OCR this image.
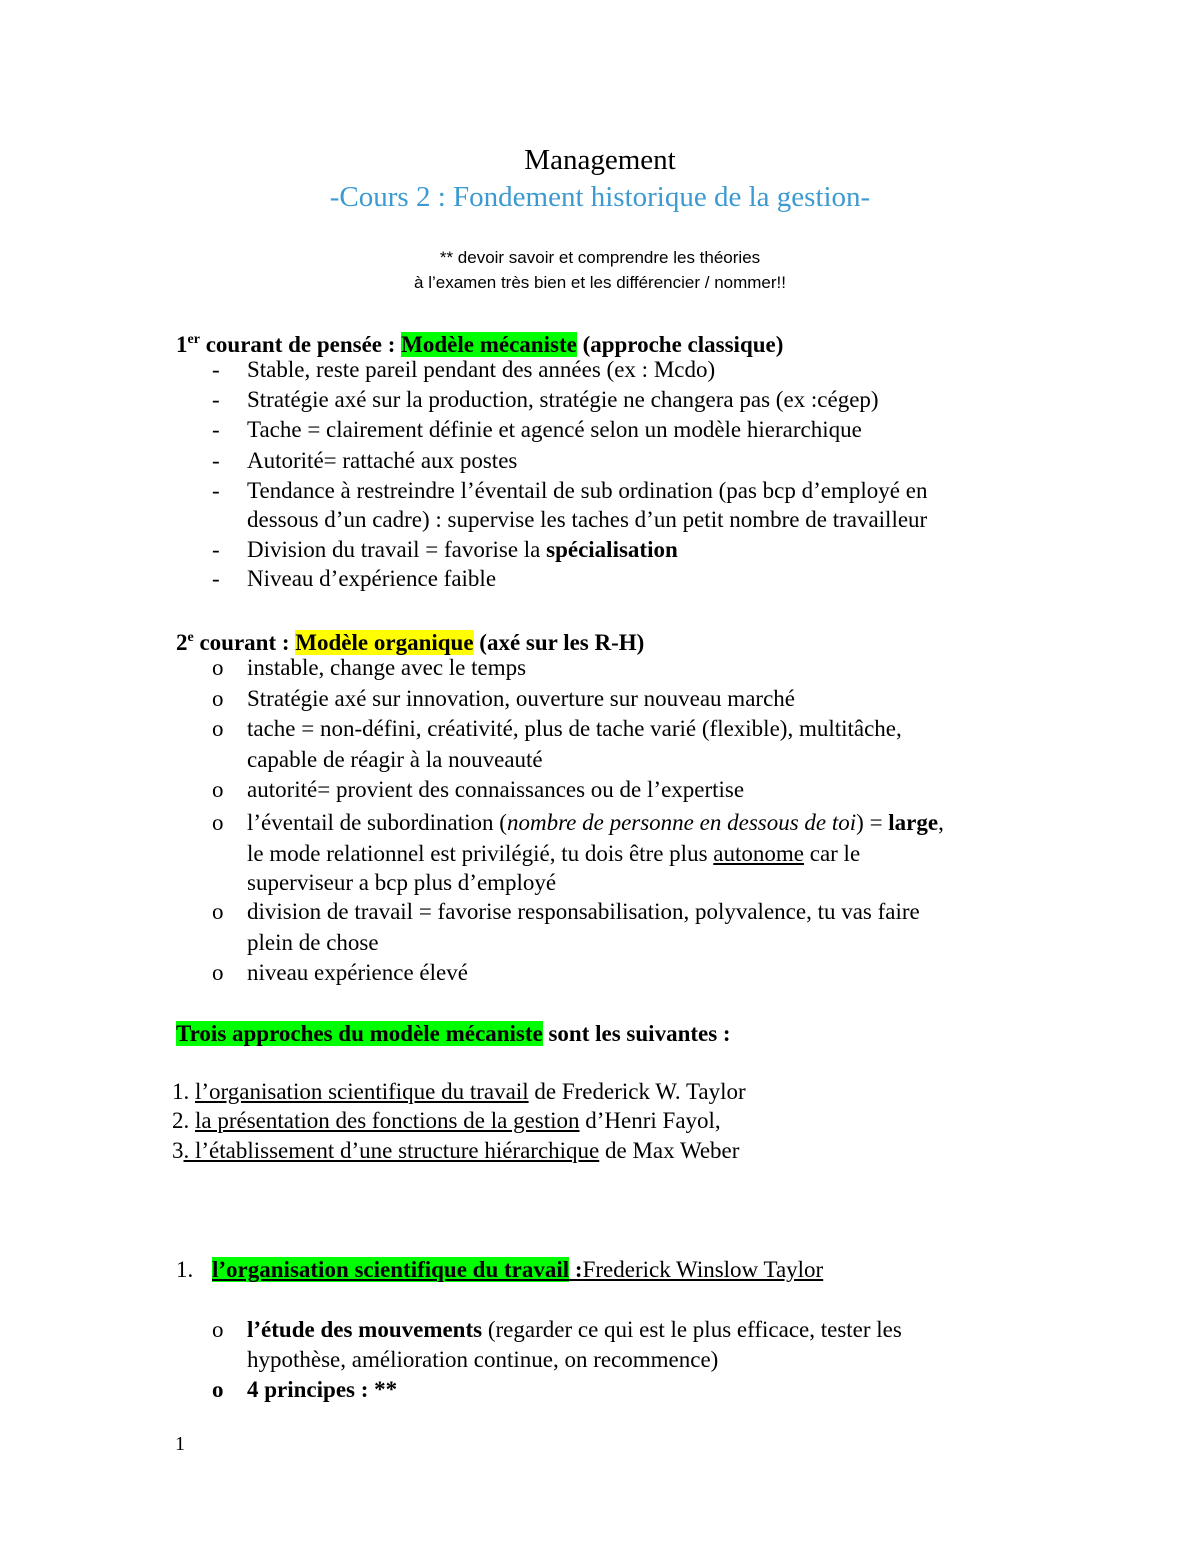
Management
-Cours 2 : Fondement historique de la gestion-
** devoir savoir et comprendre les théories
à l’examen très bien et les différencier / nommer!!
1er courant de pensée : Modèle mécaniste (approche classique)
- Stable, reste pareil pendant des années (ex : Mcdo)
- Stratégie axé sur la production, stratégie ne changera pas (ex :cégep)
- Tache = clairement définie et agencé selon un modèle hierarchique
- Autorité= rattaché aux postes
- Tendance à restreindre l’éventail de sub ordination (pas bcp d’employé en
dessous d’un cadre) : supervise les taches d’un petit nombre de travailleur
- Division du travail = favorise la spécialisation
- Niveau d’expérience faible
2e courant : Modèle organique (axé sur les R-H)
o instable, change avec le temps
o Stratégie axé sur innovation, ouverture sur nouveau marché
o tache = non-défini, créativité, plus de tache varié (flexible), multitâche,
capable de réagir à la nouveauté
o autorité= provient des connaissances ou de l’expertise
o l’éventail de subordination (nombre de personne en dessous de toi) = large,
le mode relationnel est privilégié, tu dois être plus autonome car le
superviseur a bcp plus d’employé
o division de travail = favorise responsabilisation, polyvalence, tu vas faire
plein de chose
o niveau expérience élevé
Trois approches du modèle mécaniste sont les suivantes :
1. l’organisation scientifique du travail de Frederick W. Taylor
2. la présentation des fonctions de la gestion d’Henri Fayol,
3. l’établissement d’une structure hiérarchique de Max Weber
1. l’organisation scientifique du travail :Frederick Winslow Taylor
o l’étude des mouvements (regarder ce qui est le plus efficace, tester les
hypothèse, amélioration continue, on recommence)
o 4 principes : **
1
